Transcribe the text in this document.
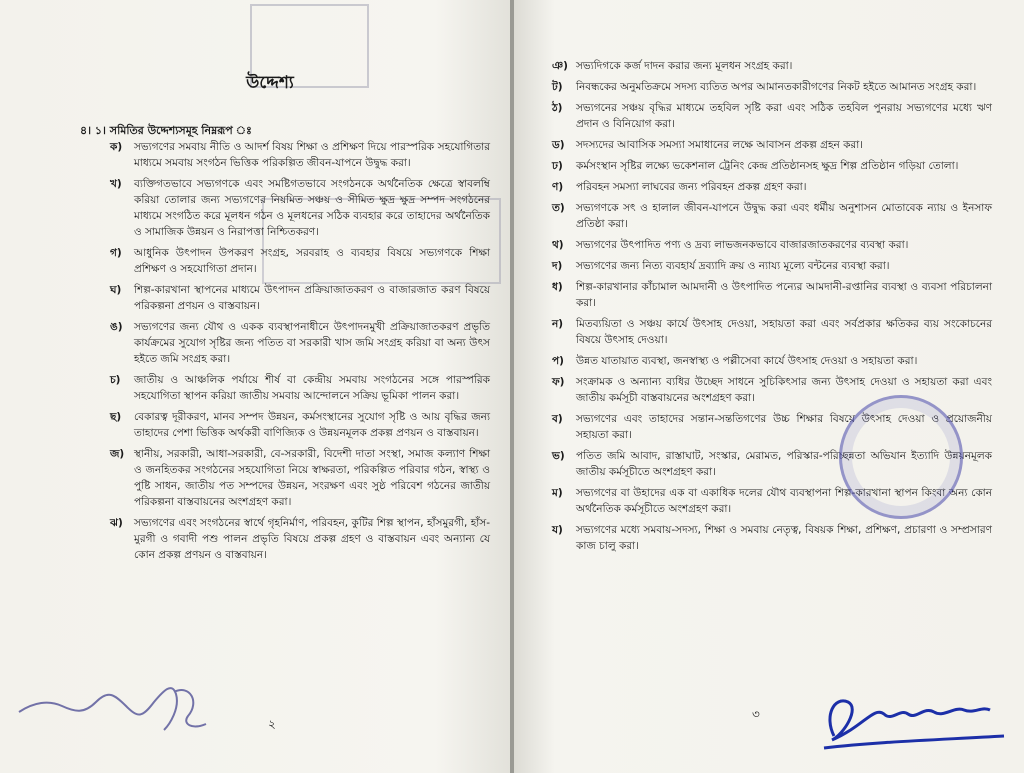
উদ্দেশ্য
৪। ১। সমিতির উদ্দেশ্যসমূহ নিম্নরূপ ঃ
ক)	সভ্যগণের সমবায় নীতি ও আদর্শ বিষয় শিক্ষা ও প্রশিক্ষণ দিয়ে পারস্পরিক সহযোগিতার মাধ্যমে সমবায় সংগঠন ভিত্তিক পরিকল্পিত জীবন-যাপনে উদ্বুদ্ধ করা।
খ)	ব্যক্তিগতভাবে সভ্যগণকে এবং সমষ্টিগতভাবে সংগঠনকে অর্থনৈতিক ক্ষেত্রে স্বাবলম্বি করিয়া তোলার জন্য সভ্যগণের নিয়মিত সঞ্চয় ও সীমিত ক্ষুদ্র ক্ষুদ্র সম্পদ সংগঠনের মাধ্যমে সংগঠিত করে মূলধন গঠন ও মূলধনের সঠিক ব্যবহার করে তাহাদের অর্থনৈতিক ও সামাজিক উন্নয়ন ও নিরাপত্তা নিশ্চিতকরণ।
গ)	আধুনিক উৎপাদন উপকরণ সংগ্রহ, সরবরাহ ও ব্যবহার বিষয়ে সভ্যগণকে শিক্ষা প্রশিক্ষণ ও সহযোগিতা প্রদান।
ঘ)	শিল্প-কারখানা স্থাপনের মাধ্যমে উৎপাদন প্রক্রিয়াজাতকরণ ও বাজারজাত করণ বিষয়ে পরিকল্পনা প্রণয়ন ও বাস্তবায়ন।
ঙ)	সভ্যগণের জন্য যৌথ ও একক ব্যবস্থাপনাধীনে উৎপাদনমুখী প্রক্রিয়াজাতকরণ প্রভৃতি কার্যক্রমের সুযোগ সৃষ্টির জন্য পতিত বা সরকারী খাস জমি সংগ্রহ করিয়া বা অন্য উৎস হইতে জমি সংগ্রহ করা।
চ)	জাতীয় ও আঞ্চলিক পর্যায়ে শীর্ষ বা কেন্দ্রীয় সমবায় সংগঠনের সঙ্গে পারস্পরিক সহযোগিতা স্থাপন করিয়া জাতীয় সমবায় আন্দোলনে সক্রিয় ভূমিকা পালন করা।
ছ)	বেকারত্ব দূরীকরণ, মানব সম্পদ উন্নয়ন, কর্মসংস্থানের সুযোগ সৃষ্টি ও আয় বৃদ্ধির জন্য তাহাদের পেশা ভিত্তিক অর্থকরী বাণিজ্যিক ও উন্নয়নমূলক প্রকল্প প্রণয়ন ও বাস্তবায়ন।
জ) স্থানীয়, সরকারী, আধা-সরকারী, বে-সরকারী, বিদেশী দাতা সংস্থা, সমাজ কল্যাণ শিক্ষা ও জনহিতকর সংগঠনের সহযোগিতা নিয়ে স্বাক্ষরতা, পরিকল্পিত পরিবার গঠন, স্বাস্থ্য ও পুষ্টি সাধন, জাতীয় পত সম্পদের উন্নয়ন, সংরক্ষণ এবং সুষ্ঠ পরিবেশ গঠনের জাতীয় পরিকল্পনা বাস্তবায়নের অংশগ্রহণ করা।
ঝ)	সভ্যগণের এবং সংগঠনের স্বার্থে গৃহনির্মাণ, পরিবহন, কুটির শিল্প স্থাপন, হাঁসমুরগী, হাঁস-মুরগী ও গবাদী পশু পালন প্রভৃতি বিষয়ে প্রকল্প গ্রহণ ও বাস্তবায়ন এবং অন্যান্য যে কোন প্রকল্প প্রণয়ন ও বাস্তবায়ন।
২
ঞ) সভ্যদিগকে কর্জ দাদন করার জন্য মূলধন সংগ্রহ করা।
ট)	নিবন্ধকের অনুমতিক্রমে সদস্য ব্যতিত অপর আমানতকারীগণের নিকট হইতে আমানত সংগ্রহ করা।
ঠ)	সভ্যগনের সঞ্চয় বৃদ্ধির মাধ্যমে তহবিল সৃষ্টি করা এবং সঠিক তহবিল পুনরায় সভ্যগণের মধ্যে ঋণ প্রদান ও বিনিয়োগ করা।
ড)	সদস্যদের আবাসিক সমস্যা সমাধানের লক্ষে আবাসন প্রকল্প গ্রহন করা।
ঢ)	কর্মসংস্থান সৃষ্টির লক্ষ্যে ভকেশনাল ট্রেনিং কেন্দ্র প্রতিষ্ঠানসহ ক্ষুদ্র শিল্প প্রতিষ্ঠান গড়িয়া তোলা।
ণ)	পরিবহন সমস্যা লাঘবের জন্য পরিবহন প্রকল্প গ্রহণ করা।
ত)	সভ্যগণকে সৎ ও হালাল জীবন-যাপনে উদ্বুদ্ধ করা এবং ধর্মীয় অনুশাসন মোতাবেক ন্যায় ও ইনসাফ প্রতিষ্ঠা করা।
থ)	সভ্যগণের উৎপাদিত পণ্য ও দ্রব্য লাভজনকভাবে বাজারজাতকরণের ব্যবস্থা করা।
দ)	সভ্যগণের জন্য নিত্য ব্যবহার্য দ্রব্যাদি ক্রয় ও ন্যায্য মূল্যে বন্টনের ব্যবস্থা করা।
ধ)	শিল্প-কারখানার কাঁচামাল আমদানী ও উৎপাদিত পন্যের আমদানী-রপ্তানির ব্যবস্থা ও ব্যবসা পরিচালনা করা।
ন)	মিতব্যয়িতা ও সঞ্চয় কার্যে উৎসাহ দেওয়া, সহায়তা করা এবং সর্বপ্রকার ক্ষতিকর ব্যয় সংকোচনের বিষয়ে উৎসাহ দেওয়া।
প)	উন্নত যাতায়াত ব্যবস্থা, জনস্বাস্থ্য ও পল্লীসেবা কার্যে উৎসাহ দেওয়া ও সহায়তা করা।
ফ)	সংক্রামক ও অন্যান্য ব্যধির উচ্ছেদ সাধনে সুচিকিৎসার জন্য উৎসাহ দেওয়া ও সহায়তা করা এবং জাতীয় কর্মসূচী বাস্তবায়নের অংশগ্রহণ করা।
ব)	সভ্যগণের এবং তাহাদের সন্তান-সন্ততিগণের উচ্চ শিক্ষার বিষয়ে উৎসাহ দেওয়া ও প্রয়োজনীয় সহায়তা করা।
ভ)	পতিত জমি আবাদ, রাস্তাঘাট, সংস্কার, মেরামত, পরিস্কার-পরিচ্ছন্নতা অভিযান ইত্যাদি উন্নয়নমূলক জাতীয় কর্মসূচীতে অংশগ্রহণ করা।
ম)	সভ্যগণের বা উহাদের এক বা একাধিক দলের যৌথ ব্যবস্থাপনা শিল্প-কারখানা স্থাপন কিংবা অন্য কোন অর্থনৈতিক কর্মসূচীতে অংশগ্রহণ করা।
য)	সভ্যগণের মধ্যে সমবায়-সদস্য, শিক্ষা ও সমবায় নেতৃত্ব, বিষয়ক শিক্ষা, প্রশিক্ষণ, প্রচারণা ও সম্প্রসারণ কাজ চালু করা।
৩
